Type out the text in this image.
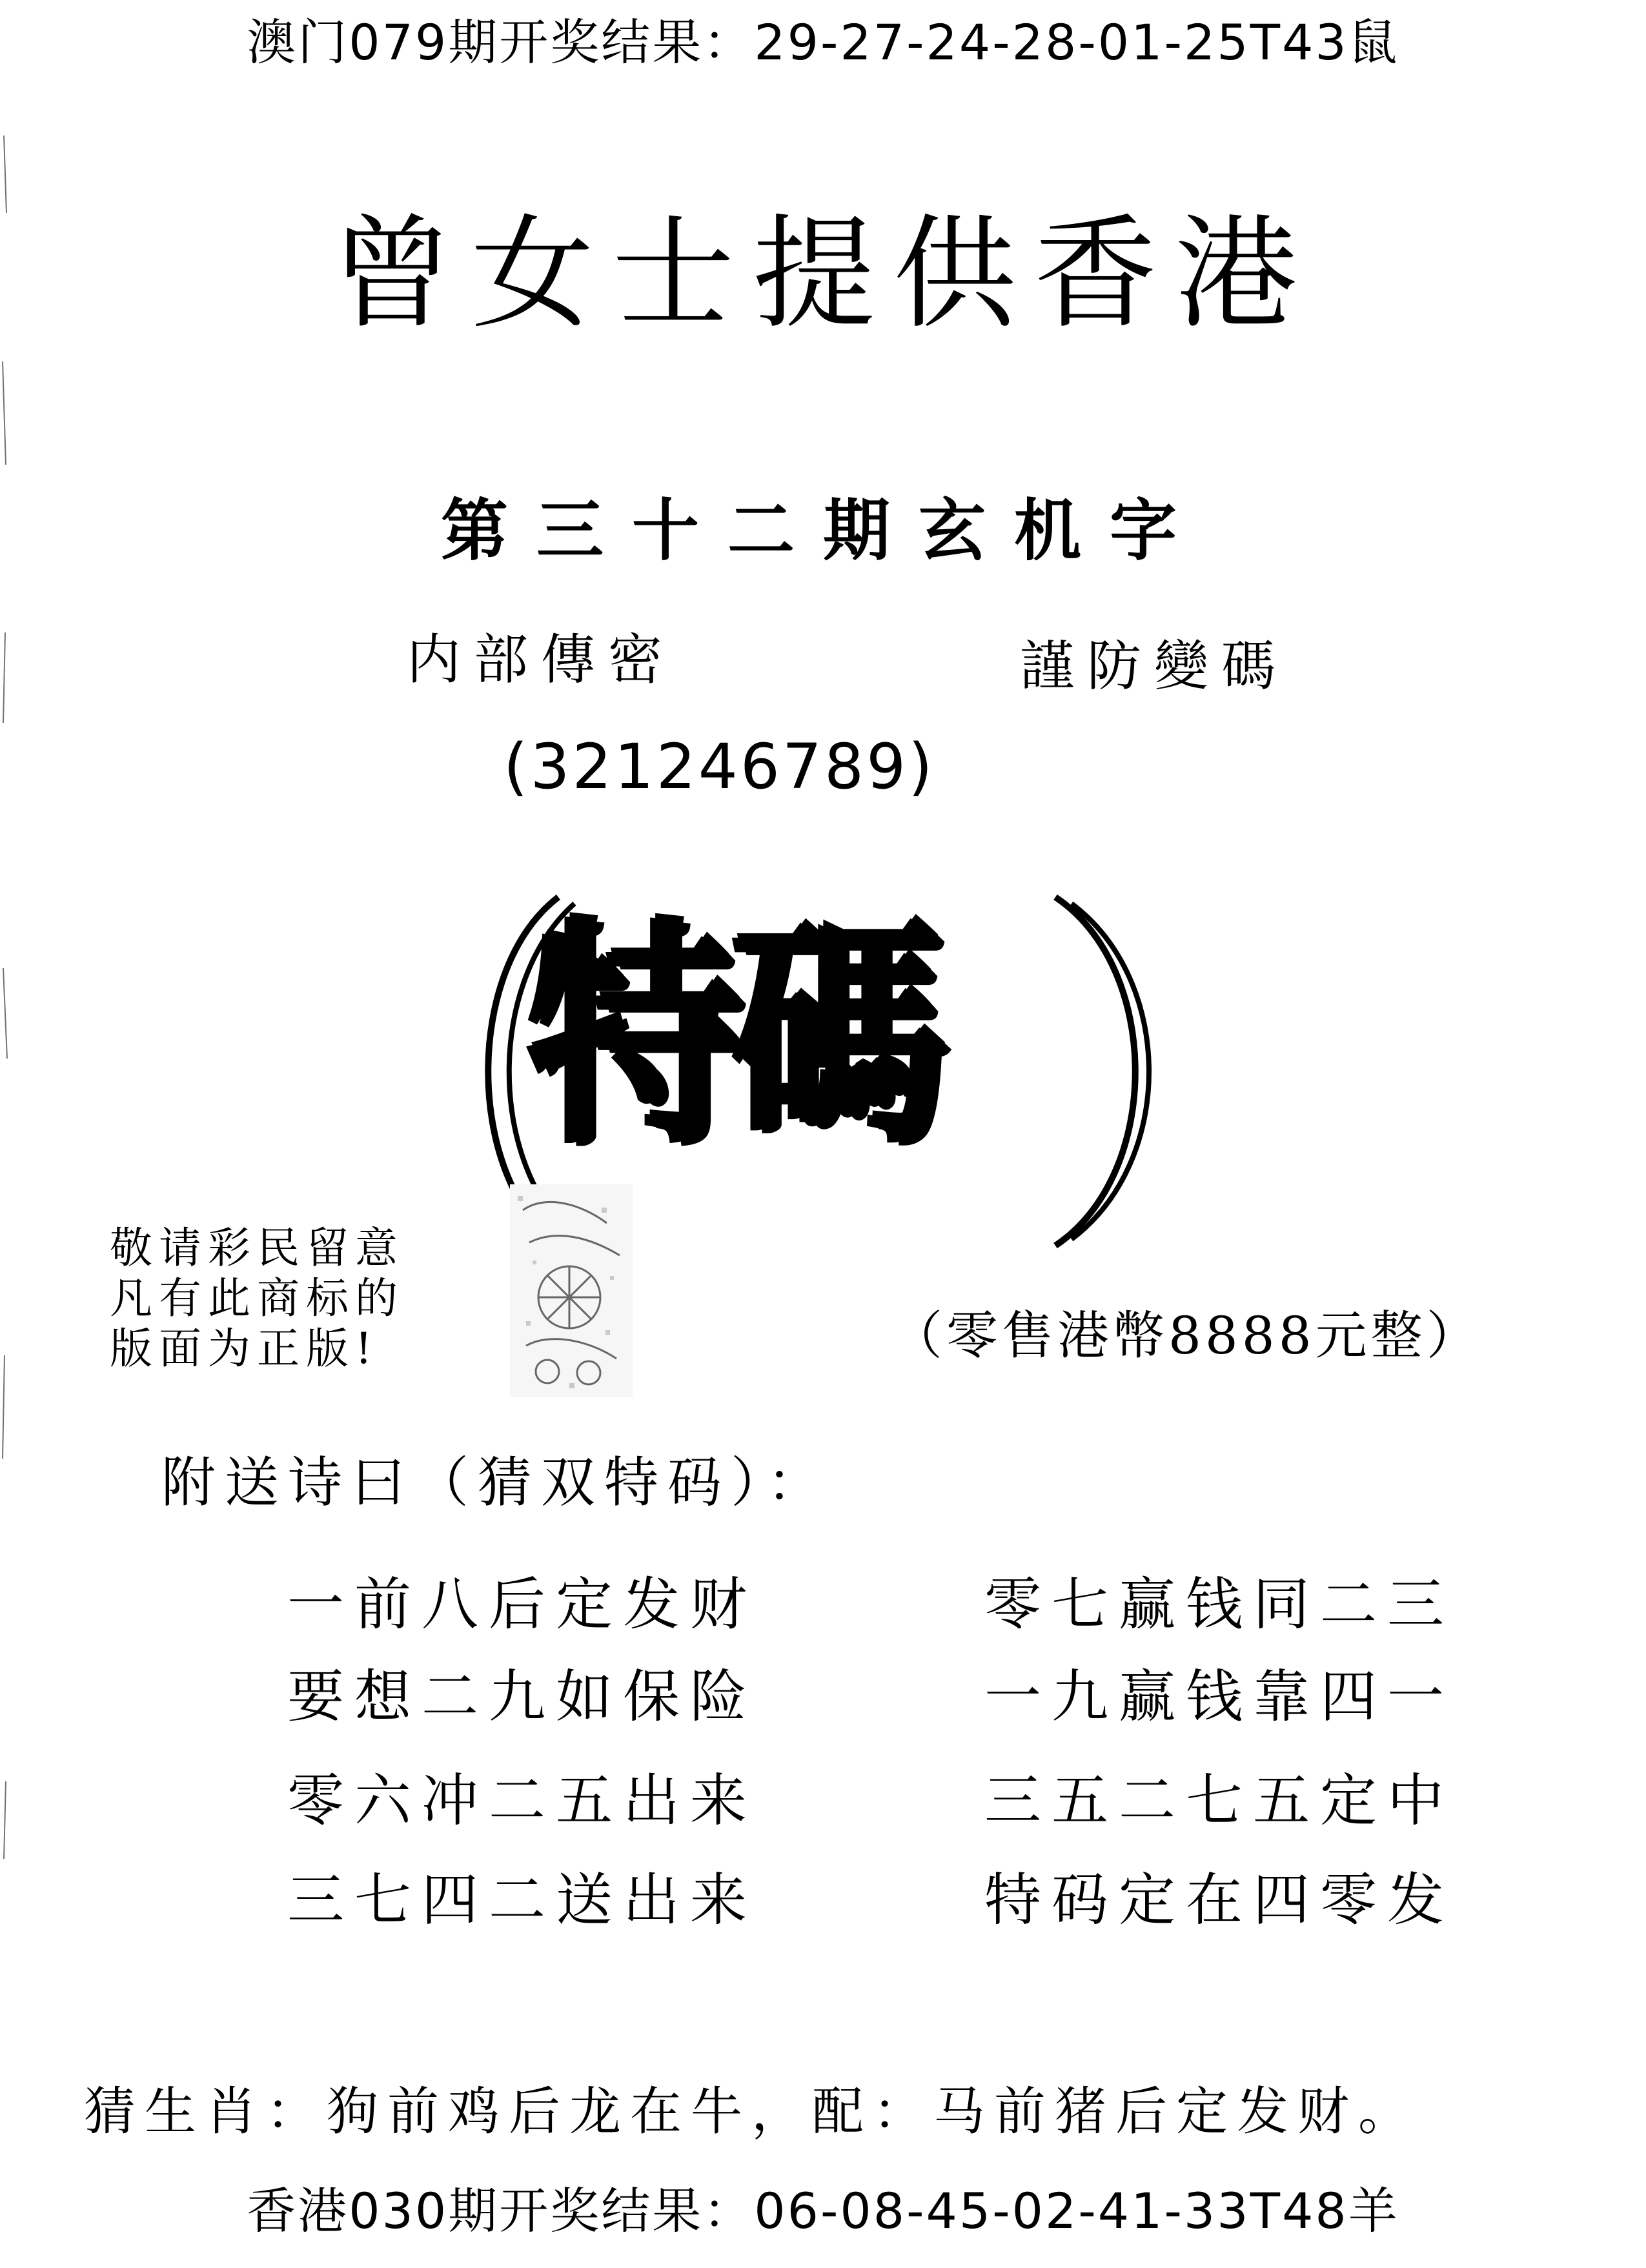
澳门079期开奖结果：29-27-24-28-01-25T43鼠
曾女士提供香港
第三十二期玄机字
内部傳密	謹防變碼
(321246789)
特碼
敬请彩民留意
凡有此商标的
版面为正版!	（零售港幣8888元整）
附送诗曰（猜双特码）：
一前八后定发财
要想二九如保险
零六冲二五出来
三七四二送出来
零七赢钱同二三
一九赢钱靠四一
三五二七五定中
特码定在四零发
猜生肖：狗前鸡后龙在牛，配：马前猪后定发财。
香港030期开奖结果：06-08-45-02-41-33T48羊
